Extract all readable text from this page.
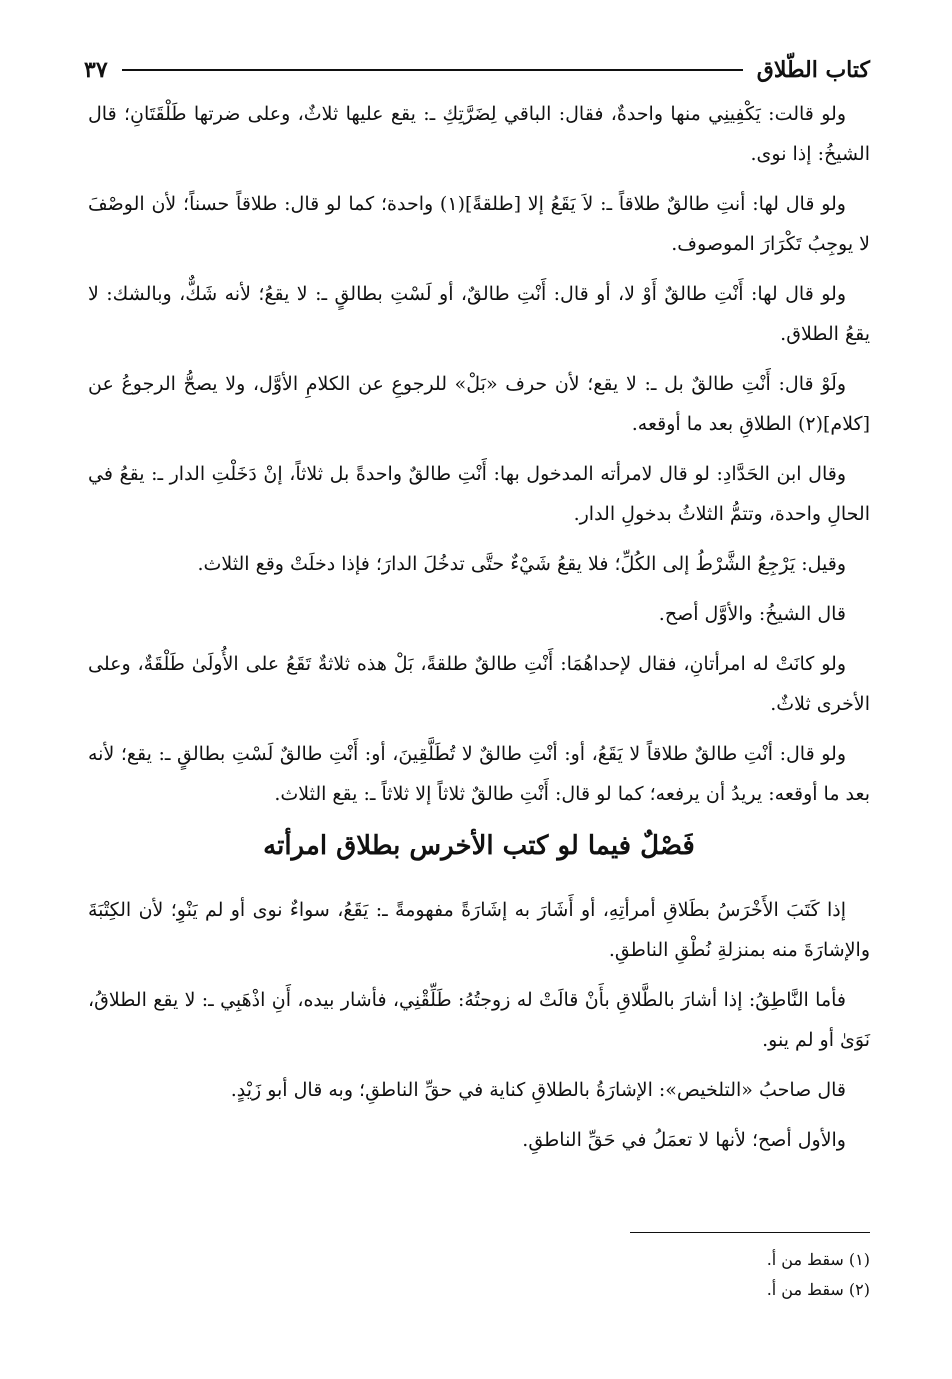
كتاب الطّلاق
٣٧

ولو قالت: يَكْفِينِي منها واحدةٌ، فقال: الباقي لِضَرَّتِكِ ـ: يقع عليها ثلاثٌ، وعلى ضرتها طَلْقَتَانِ؛ قال الشيخُ: إذا نوى.

ولو قال لها: أنتِ طالقٌ طلاقاً ـ: لاَ يَقَعُ إلا [طلقةً](١) واحدة؛ كما لو قال: طلاقاً حسناً؛ لأن الوصْفَ لا يوجِبُ تَكْرَارَ الموصوف.

ولو قال لها: أَنْتِ طالقٌ أَوْ لا، أو قال: أَنْتِ طالقٌ، أو لَسْتِ بطالقٍ ـ: لا يقعُ؛ لأنه شَكٌّ، وبالشك: لا يقعُ الطلاق.

ولَوْ قال: أَنْتِ طالقٌ بل ـ: لا يقع؛ لأن حرف «بَلْ» للرجوعِ عن الكلامِ الأوَّل، ولا يصحُّ الرجوعُ عن [كلام](٢) الطلاقِ بعد ما أوقعه.

وقال ابن الحَدَّادِ: لو قال لامرأته المدخول بها: أَنْتِ طالقٌ واحدةً بل ثلاثاً، إنْ دَخَلْتِ الدار ـ: يقعُ في الحالِ واحدة، وتتمُّ الثلاثُ بدخولِ الدار.

وقيل: يَرْجِعُ الشَّرْطُ إلى الكُلِّ؛ فلا يقعُ شَيْءٌ حتَّى تدخُلَ الدارَ؛ فإذا دخلَتْ وقع الثلاث.

قال الشيخُ: والأوَّل أصح.

ولو كانَتْ له امرأتانِ، فقال لإحداهُمَا: أَنْتِ طالقٌ طلقةً، بَلْ هذه ثلاثةٌ تَقَعُ على الأُولَىٰ طَلْقَةٌ، وعلى الأخرى ثلاثٌ.

ولو قال: أنْتِ طالقٌ طلاقاً لا يَقَعُ، أو: أنْتِ طالقٌ لا تُطَلَّقِينَ، أو: أَنْتِ طالقٌ لَسْتِ بطالقٍ ـ: يقع؛ لأنه بعد ما أوقعه: يريدُ أن يرفعه؛ كما لو قال: أَنْتِ طالقٌ ثلاثاً إلا ثلاثاً ـ: يقع الثلاث.

فَصْلٌ فيما لو كتب الأخرس بطلاق امرأته

إذا كَتَبَ الأَخْرَسُ بطَلاقِ أمرأتِهِ، أو أَشَارَ به إشَارَةً مفهومةً ـ: يَقَعُ، سواءٌ نوى أو لم يَنْوِ؛ لأن الكِتْبَةَ والإشارَةَ منه بمنزلةِ نُطْقِ الناطقِ.

فأما النَّاطِقُ: إذا أشارَ بالطَّلاقِ بأَنْ قالَتْ له زوجتُهُ: طَلِّقْنِي، فأشار بيده، أَنِ اذْهَبِي ـ: لا يقع الطلاقُ، نَوَىٰ أو لم ينو.

قال صاحبُ «التلخيص»: الإشارَةُ بالطلاقِ كناية في حقِّ الناطقِ؛ وبه قال أبو زَيْدٍ.

والأول أصح؛ لأنها لا تعمَلُ في حَقِّ الناطقِ.

(١) سقط من أ.

(٢) سقط من أ.
